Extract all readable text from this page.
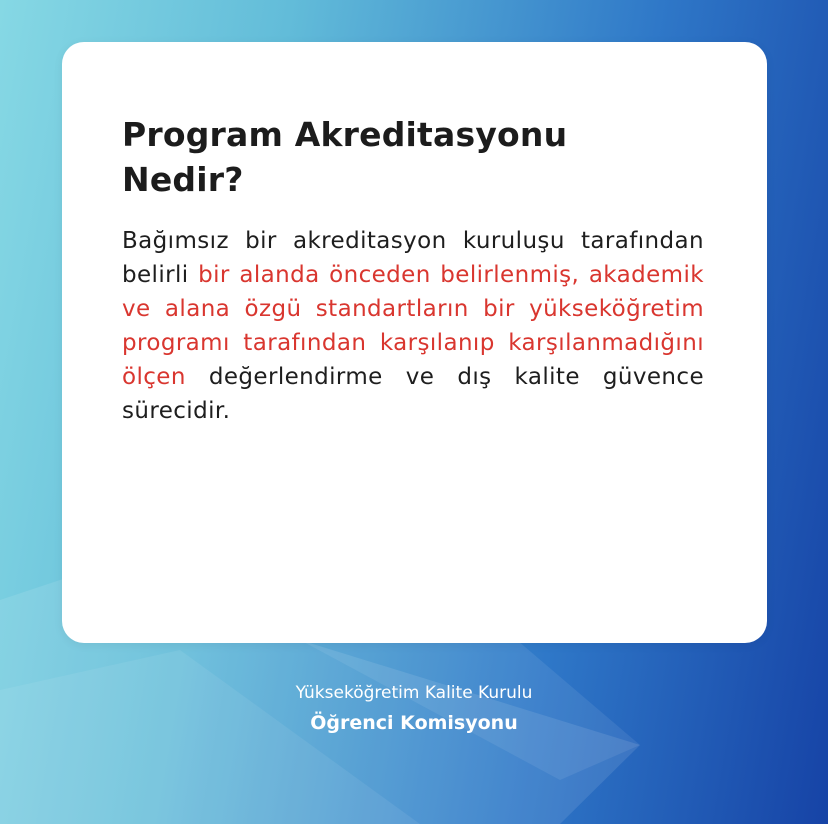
Program Akreditasyonu Nedir?

Bağımsız bir akreditasyon kuruluşu tarafından belirli bir alanda önceden belirlenmiş, akademik ve alana özgü standartların bir yükseköğretim programı tarafından karşılanıp karşılanmadığını ölçen değerlendirme ve dış kalite güvence sürecidir.

Yükseköğretim Kalite Kurulu
Öğrenci Komisyonu
